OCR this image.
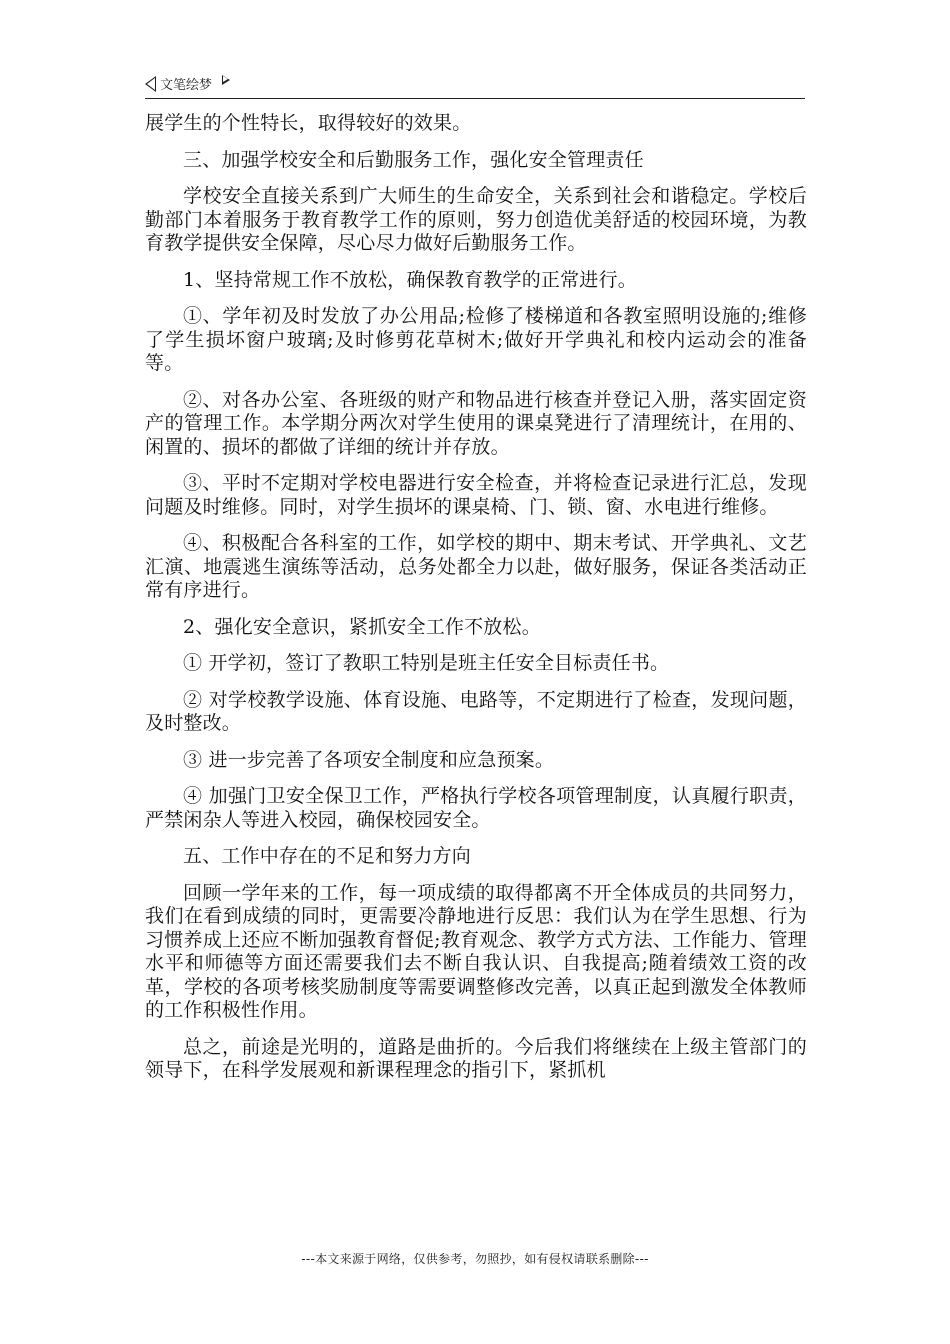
文笔绘梦

展学生的个性特长，取得较好的效果。

三、加强学校安全和后勤服务工作，强化安全管理责任

学校安全直接关系到广大师生的生命安全，关系到社会和谐稳定。学校后勤部门本着服务于教育教学工作的原则，努力创造优美舒适的校园环境，为教育教学提供安全保障，尽心尽力做好后勤服务工作。

1、坚持常规工作不放松，确保教育教学的正常进行。

①、学年初及时发放了办公用品;检修了楼梯道和各教室照明设施的;维修了学生损坏窗户玻璃;及时修剪花草树木;做好开学典礼和校内运动会的准备等。

②、对各办公室、各班级的财产和物品进行核查并登记入册，落实固定资产的管理工作。本学期分两次对学生使用的课桌凳进行了清理统计，在用的、闲置的、损坏的都做了详细的统计并存放。

③、平时不定期对学校电器进行安全检查，并将检查记录进行汇总，发现问题及时维修。同时，对学生损坏的课桌椅、门、锁、窗、水电进行维修。

④、积极配合各科室的工作，如学校的期中、期末考试、开学典礼、文艺汇演、地震逃生演练等活动，总务处都全力以赴，做好服务，保证各类活动正常有序进行。

2、强化安全意识，紧抓安全工作不放松。

① 开学初，签订了教职工特别是班主任安全目标责任书。

② 对学校教学设施、体育设施、电路等，不定期进行了检查，发现问题，及时整改。

③ 进一步完善了各项安全制度和应急预案。

④ 加强门卫安全保卫工作，严格执行学校各项管理制度，认真履行职责，严禁闲杂人等进入校园，确保校园安全。

五、工作中存在的不足和努力方向

回顾一学年来的工作，每一项成绩的取得都离不开全体成员的共同努力，我们在看到成绩的同时，更需要冷静地进行反思：我们认为在学生思想、行为习惯养成上还应不断加强教育督促;教育观念、教学方式方法、工作能力、管理水平和师德等方面还需要我们去不断自我认识、自我提高;随着绩效工资的改革，学校的各项考核奖励制度等需要调整修改完善，以真正起到激发全体教师的工作积极性作用。

总之，前途是光明的，道路是曲折的。今后我们将继续在上级主管部门的领导下，在科学发展观和新课程理念的指引下，紧抓机

---本文来源于网络，仅供参考，勿照抄，如有侵权请联系删除---
